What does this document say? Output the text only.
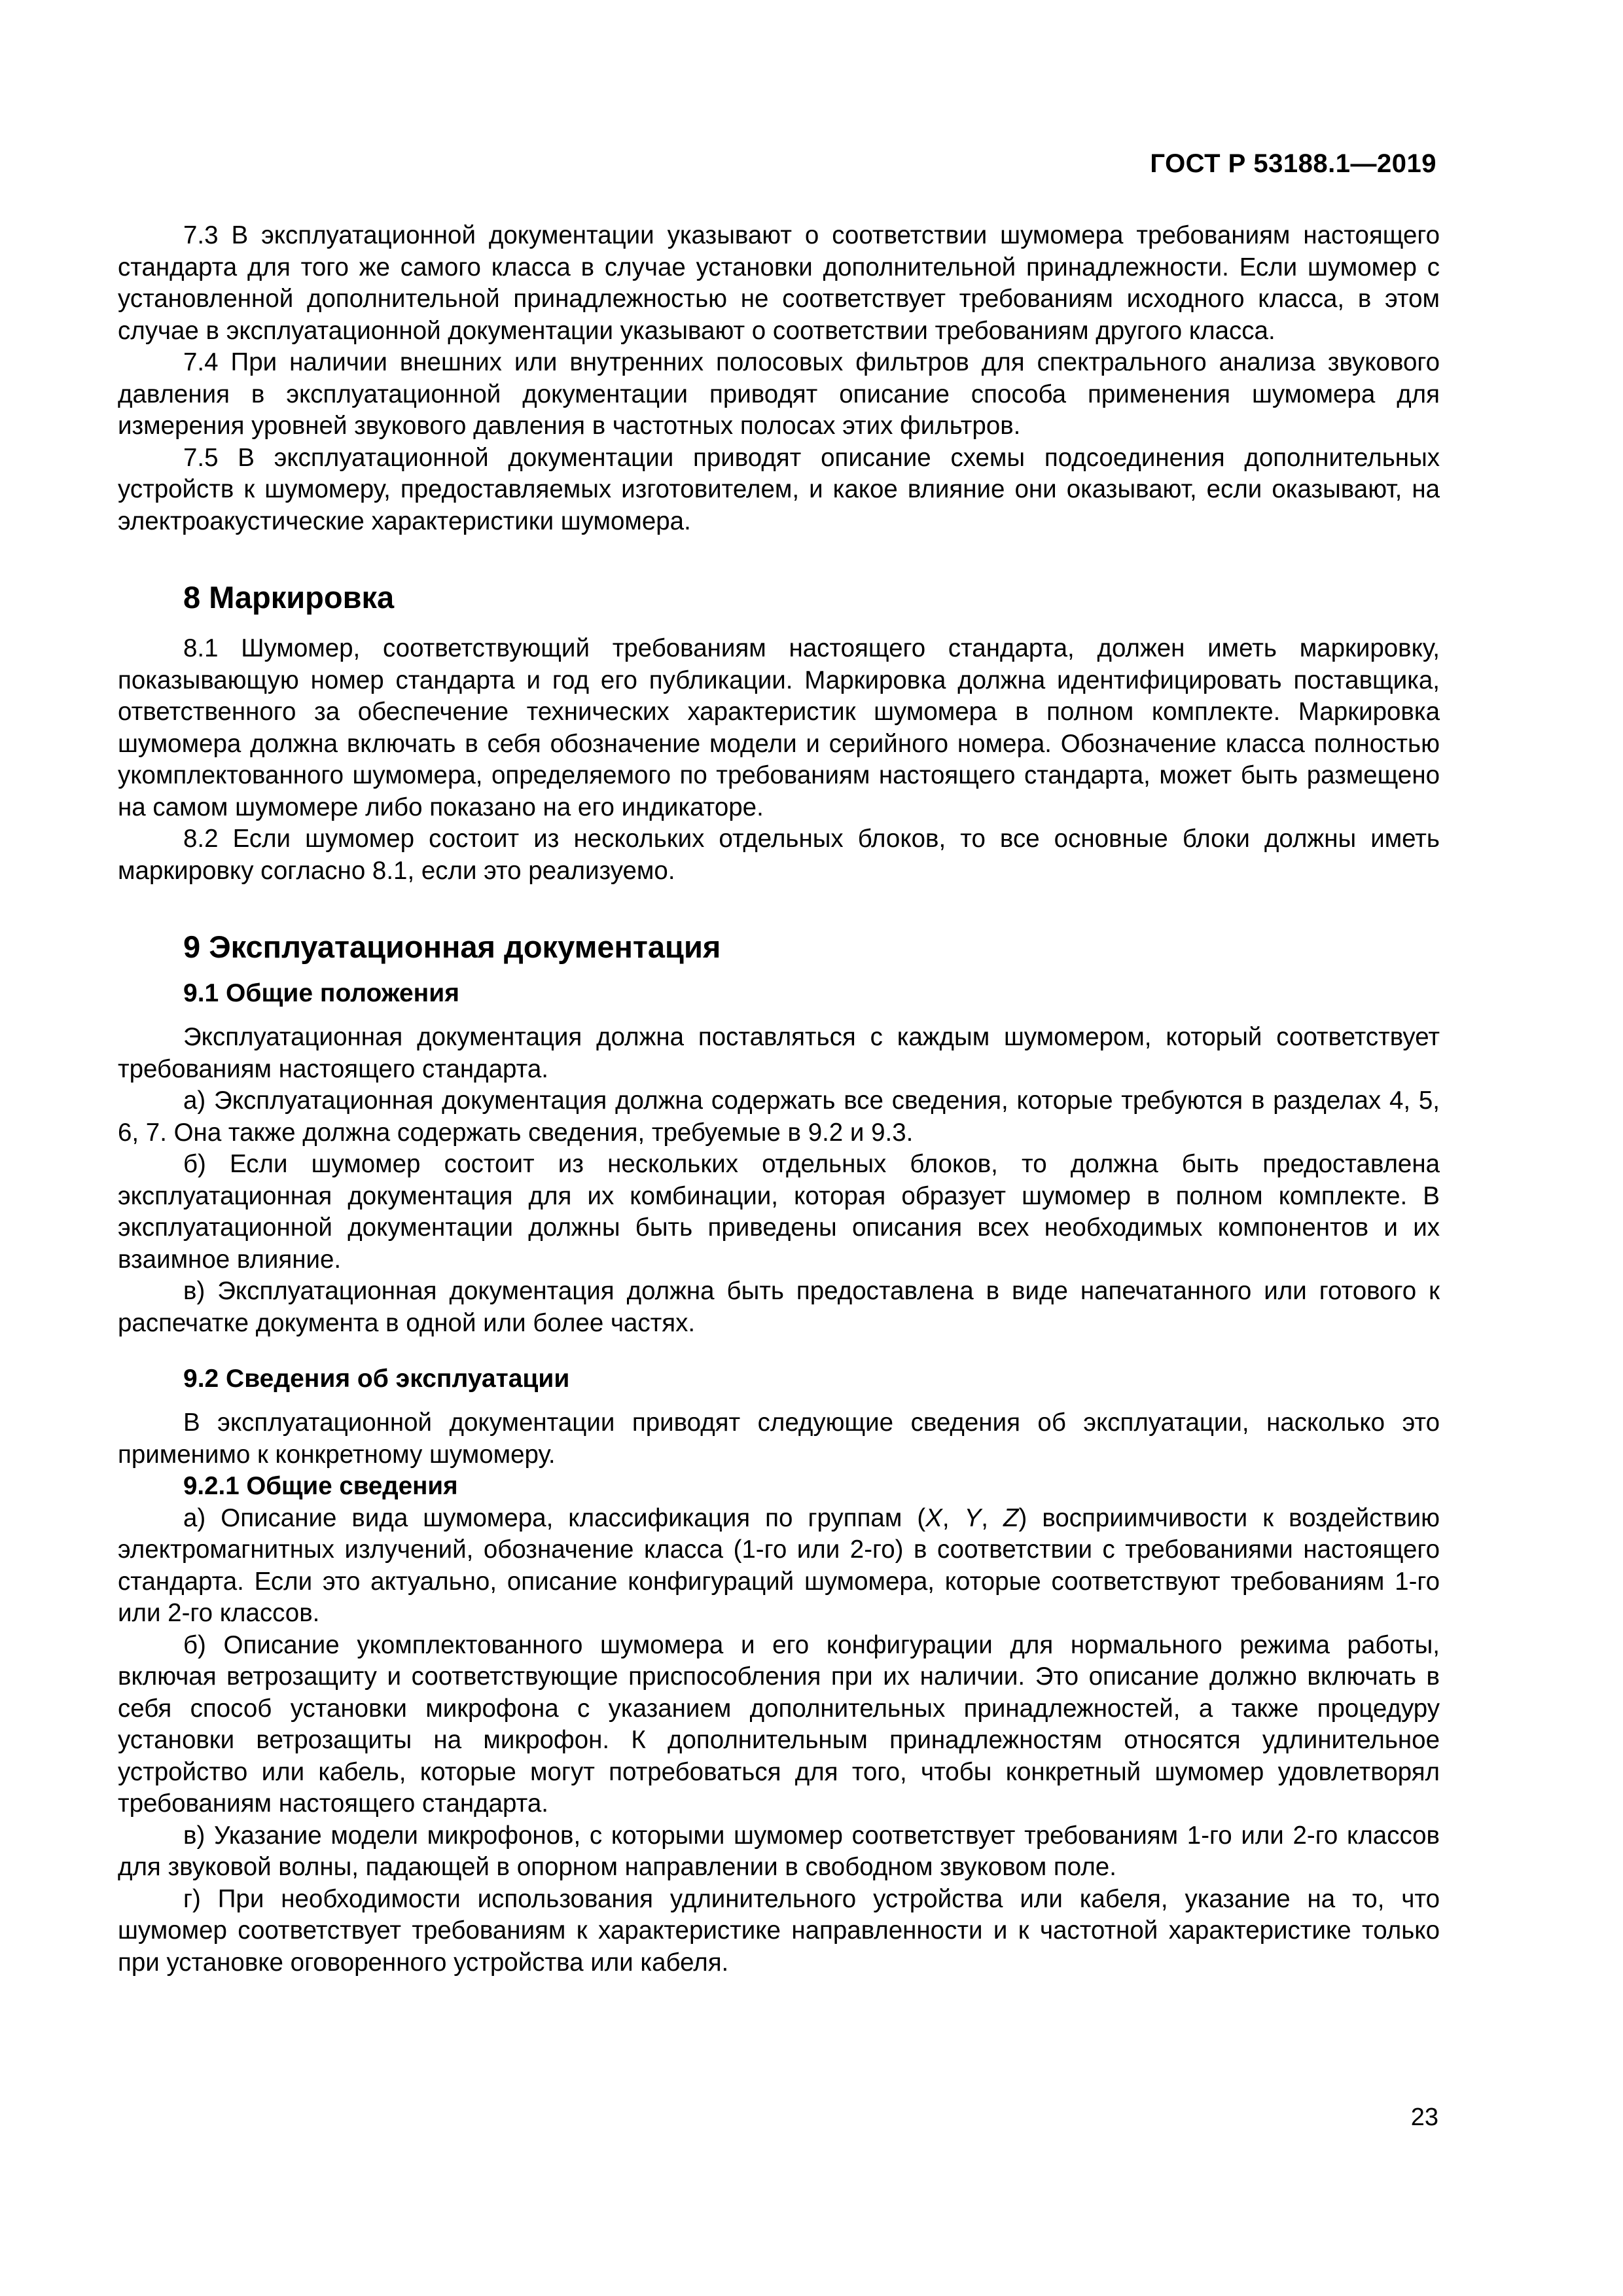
ГОСТ Р 53188.1—2019

7.3 В эксплуатационной документации указывают о соответствии шумомера требованиям настоящего стандарта для того же самого класса в случае установки дополнительной принадлежности. Если шумомер с установленной дополнительной принадлежностью не соответствует требованиям исходного класса, в этом случае в эксплуатационной документации указывают о соответствии требованиям другого класса.

7.4 При наличии внешних или внутренних полосовых фильтров для спектрального анализа звукового давления в эксплуатационной документации приводят описание способа применения шумомера для измерения уровней звукового давления в частотных полосах этих фильтров.

7.5 В эксплуатационной документации приводят описание схемы подсоединения дополнительных устройств к шумомеру, предоставляемых изготовителем, и какое влияние они оказывают, если оказывают, на электроакустические характеристики шумомера.

8 Маркировка

8.1 Шумомер, соответствующий требованиям настоящего стандарта, должен иметь маркировку, показывающую номер стандарта и год его публикации. Маркировка должна идентифицировать поставщика, ответственного за обеспечение технических характеристик шумомера в полном комплекте. Маркировка шумомера должна включать в себя обозначение модели и серийного номера. Обозначение класса полностью укомплектованного шумомера, определяемого по требованиям настоящего стандарта, может быть размещено на самом шумомере либо показано на его индикаторе.

8.2 Если шумомер состоит из нескольких отдельных блоков, то все основные блоки должны иметь маркировку согласно 8.1, если это реализуемо.

9 Эксплуатационная документация
9.1 Общие положения

Эксплуатационная документация должна поставляться с каждым шумомером, который соответствует требованиям настоящего стандарта.

а) Эксплуатационная документация должна содержать все сведения, которые требуются в разделах 4, 5, 6, 7. Она также должна содержать сведения, требуемые в 9.2 и 9.3.

б) Если шумомер состоит из нескольких отдельных блоков, то должна быть предоставлена эксплуатационная документация для их комбинации, которая образует шумомер в полном комплекте. В эксплуатационной документации должны быть приведены описания всех необходимых компонентов и их взаимное влияние.

в) Эксплуатационная документация должна быть предоставлена в виде напечатанного или готового к распечатке документа в одной или более частях.

9.2 Сведения об эксплуатации

В эксплуатационной документации приводят следующие сведения об эксплуатации, насколько это применимо к конкретному шумомеру.

9.2.1 Общие сведения

а) Описание вида шумомера, классификация по группам (X, Y, Z) восприимчивости к воздействию электромагнитных излучений, обозначение класса (1-го или 2-го) в соответствии с требованиями настоящего стандарта. Если это актуально, описание конфигураций шумомера, которые соответствуют требованиям 1-го или 2-го классов.

б) Описание укомплектованного шумомера и его конфигурации для нормального режима работы, включая ветрозащиту и соответствующие приспособления при их наличии. Это описание должно включать в себя способ установки микрофона с указанием дополнительных принадлежностей, а также процедуру установки ветрозащиты на микрофон. К дополнительным принадлежностям относятся удлинительное устройство или кабель, которые могут потребоваться для того, чтобы конкретный шумомер удовлетворял требованиям настоящего стандарта.

в) Указание модели микрофонов, с которыми шумомер соответствует требованиям 1-го или 2-го классов для звуковой волны, падающей в опорном направлении в свободном звуковом поле.

г) При необходимости использования удлинительного устройства или кабеля, указание на то, что шумомер соответствует требованиям к характеристике направленности и к частотной характеристике только при установке оговоренного устройства или кабеля.

23
